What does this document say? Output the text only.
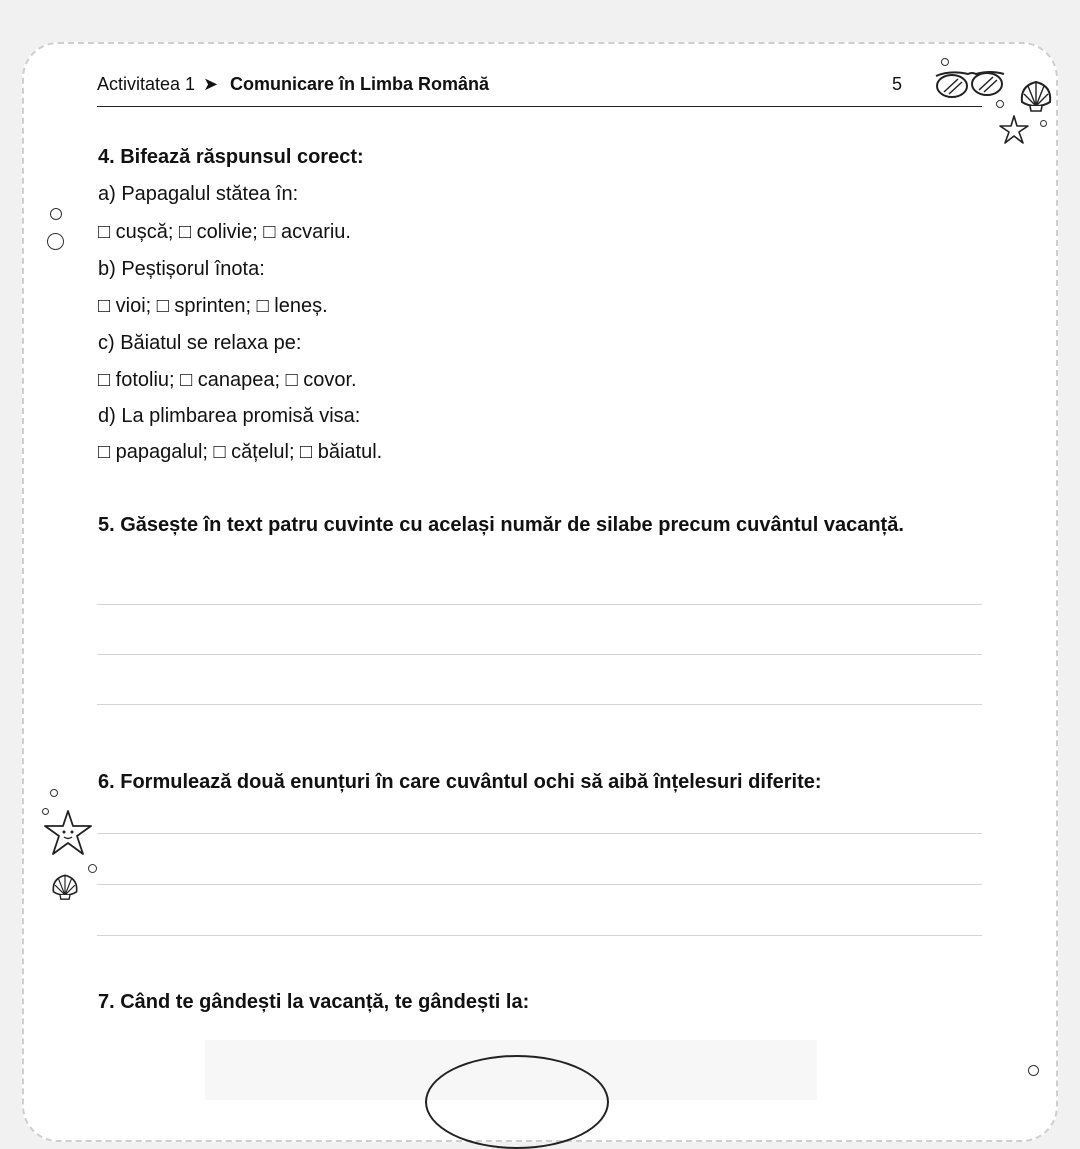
Activitatea 1 ➤ Comunicare în Limba Română	5
4. Bifează răspunsul corect:
a) Papagalul stătea în:
□ cușcă; □ colivie; □ acvariu.
b) Peștișorul înota:
□ vioi; □ sprinten; □ leneș.
c) Băiatul se relaxa pe:
□ fotoliu; □ canapea; □ covor.
d) La plimbarea promisă visa:
□ papagalul; □ cățelul; □ băiatul.
5. Găsește în text patru cuvinte cu același număr de silabe precum cuvântul vacanță.
6. Formulează două enunțuri în care cuvântul ochi să aibă înțelesuri diferite:
7. Când te gândești la vacanță, te gândești la:
